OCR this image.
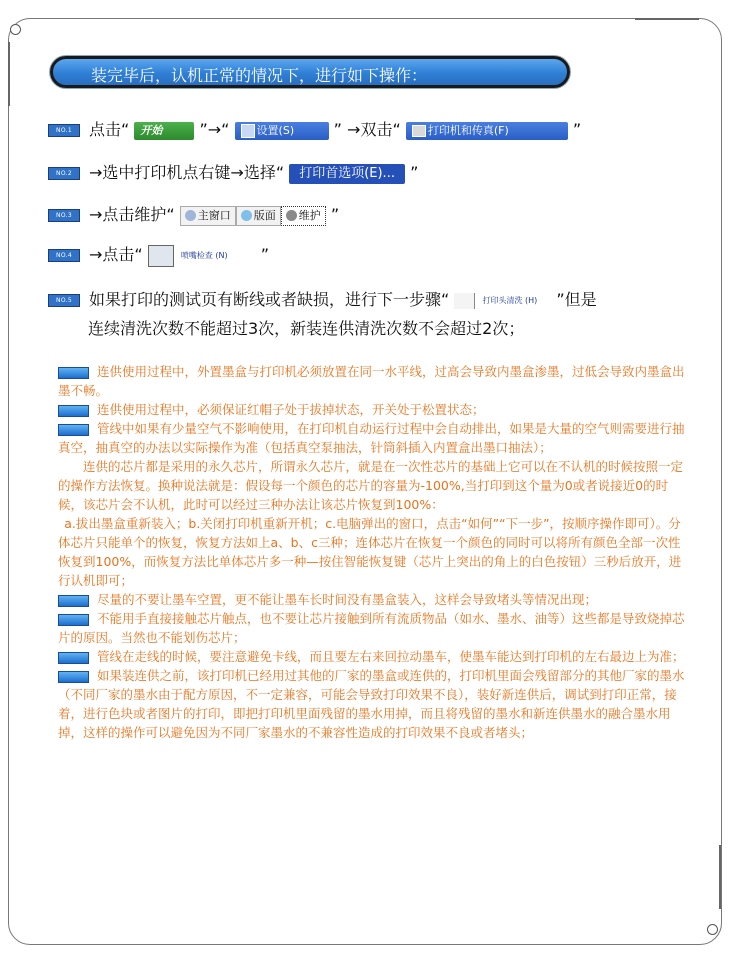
装完毕后，认机正常的情况下，进行如下操作：
NO.1 点击“ 开始 ”→“ 设置(S) ” →双击“ 打印机和传真(F)	”
NO.2 →选中打印机点右键→选择“ 打印首选项(E)... ”
NO.3 →点击维护“ 主窗口 版面 维护 ”
NO.4 →点击“	喷嘴检查 (N) ”
NO.5 如果打印的测试页有断线或者缺损，进行下一步骤“	打印头清洗 (H) ”但是
连续清洗次数不能超过3次，新装连供清洗次数不会超过2次；

连供使用过程中，外置墨盒与打印机必须放置在同一水平线，过高会导致内墨盒渗墨，过低会导致内墨盒出墨不畅。

连供使用过程中，必须保证红帽子处于拔掉状态，开关处于松置状态；

管线中如果有少量空气不影响使用，在打印机自动运行过程中会自动排出，如果是大量的空气则需要进行抽真空，抽真空的办法以实际操作为准（包括真空泵抽法，针筒斜插入内置盒出墨口抽法）；

连供的芯片都是采用的永久芯片，所谓永久芯片，就是在一次性芯片的基础上它可以在不认机的时候按照一定的操作方法恢复。换种说法就是：假设每一个颜色的芯片的容量为-100%,当打印到这个量为0或者说接近0的时候，该芯片会不认机，此时可以经过三种办法让该芯片恢复到100%：

a.拔出墨盒重新装入；b.关闭打印机重新开机；c.电脑弹出的窗口，点击“如何”“下一步”，按顺序操作即可）。分体芯片只能单个的恢复，恢复方法如上a、b、c三种；连体芯片在恢复一个颜色的同时可以将所有颜色全部一次性恢复到100%，而恢复方法比单体芯片多一种—按住智能恢复键（芯片上突出的角上的白色按钮）三秒后放开，进行认机即可；

尽量的不要让墨车空置，更不能让墨车长时间没有墨盒装入，这样会导致堵头等情况出现；

不能用手直接接触芯片触点，也不要让芯片接触到所有流质物品（如水、墨水、油等）这些都是导致烧掉芯片的原因。当然也不能划伤芯片；

管线在走线的时候，要注意避免卡线，而且要左右来回拉动墨车，使墨车能达到打印机的左右最边上为准；

如果装连供之前，该打印机已经用过其他的厂家的墨盒或连供的，打印机里面会残留部分的其他厂家的墨水（不同厂家的墨水由于配方原因，不一定兼容，可能会导致打印效果不良），装好新连供后，调试到打印正常，接着，进行色块或者图片的打印，即把打印机里面残留的墨水用掉，而且将残留的墨水和新连供墨水的融合墨水用掉，这样的操作可以避免因为不同厂家墨水的不兼容性造成的打印效果不良或者堵头；
